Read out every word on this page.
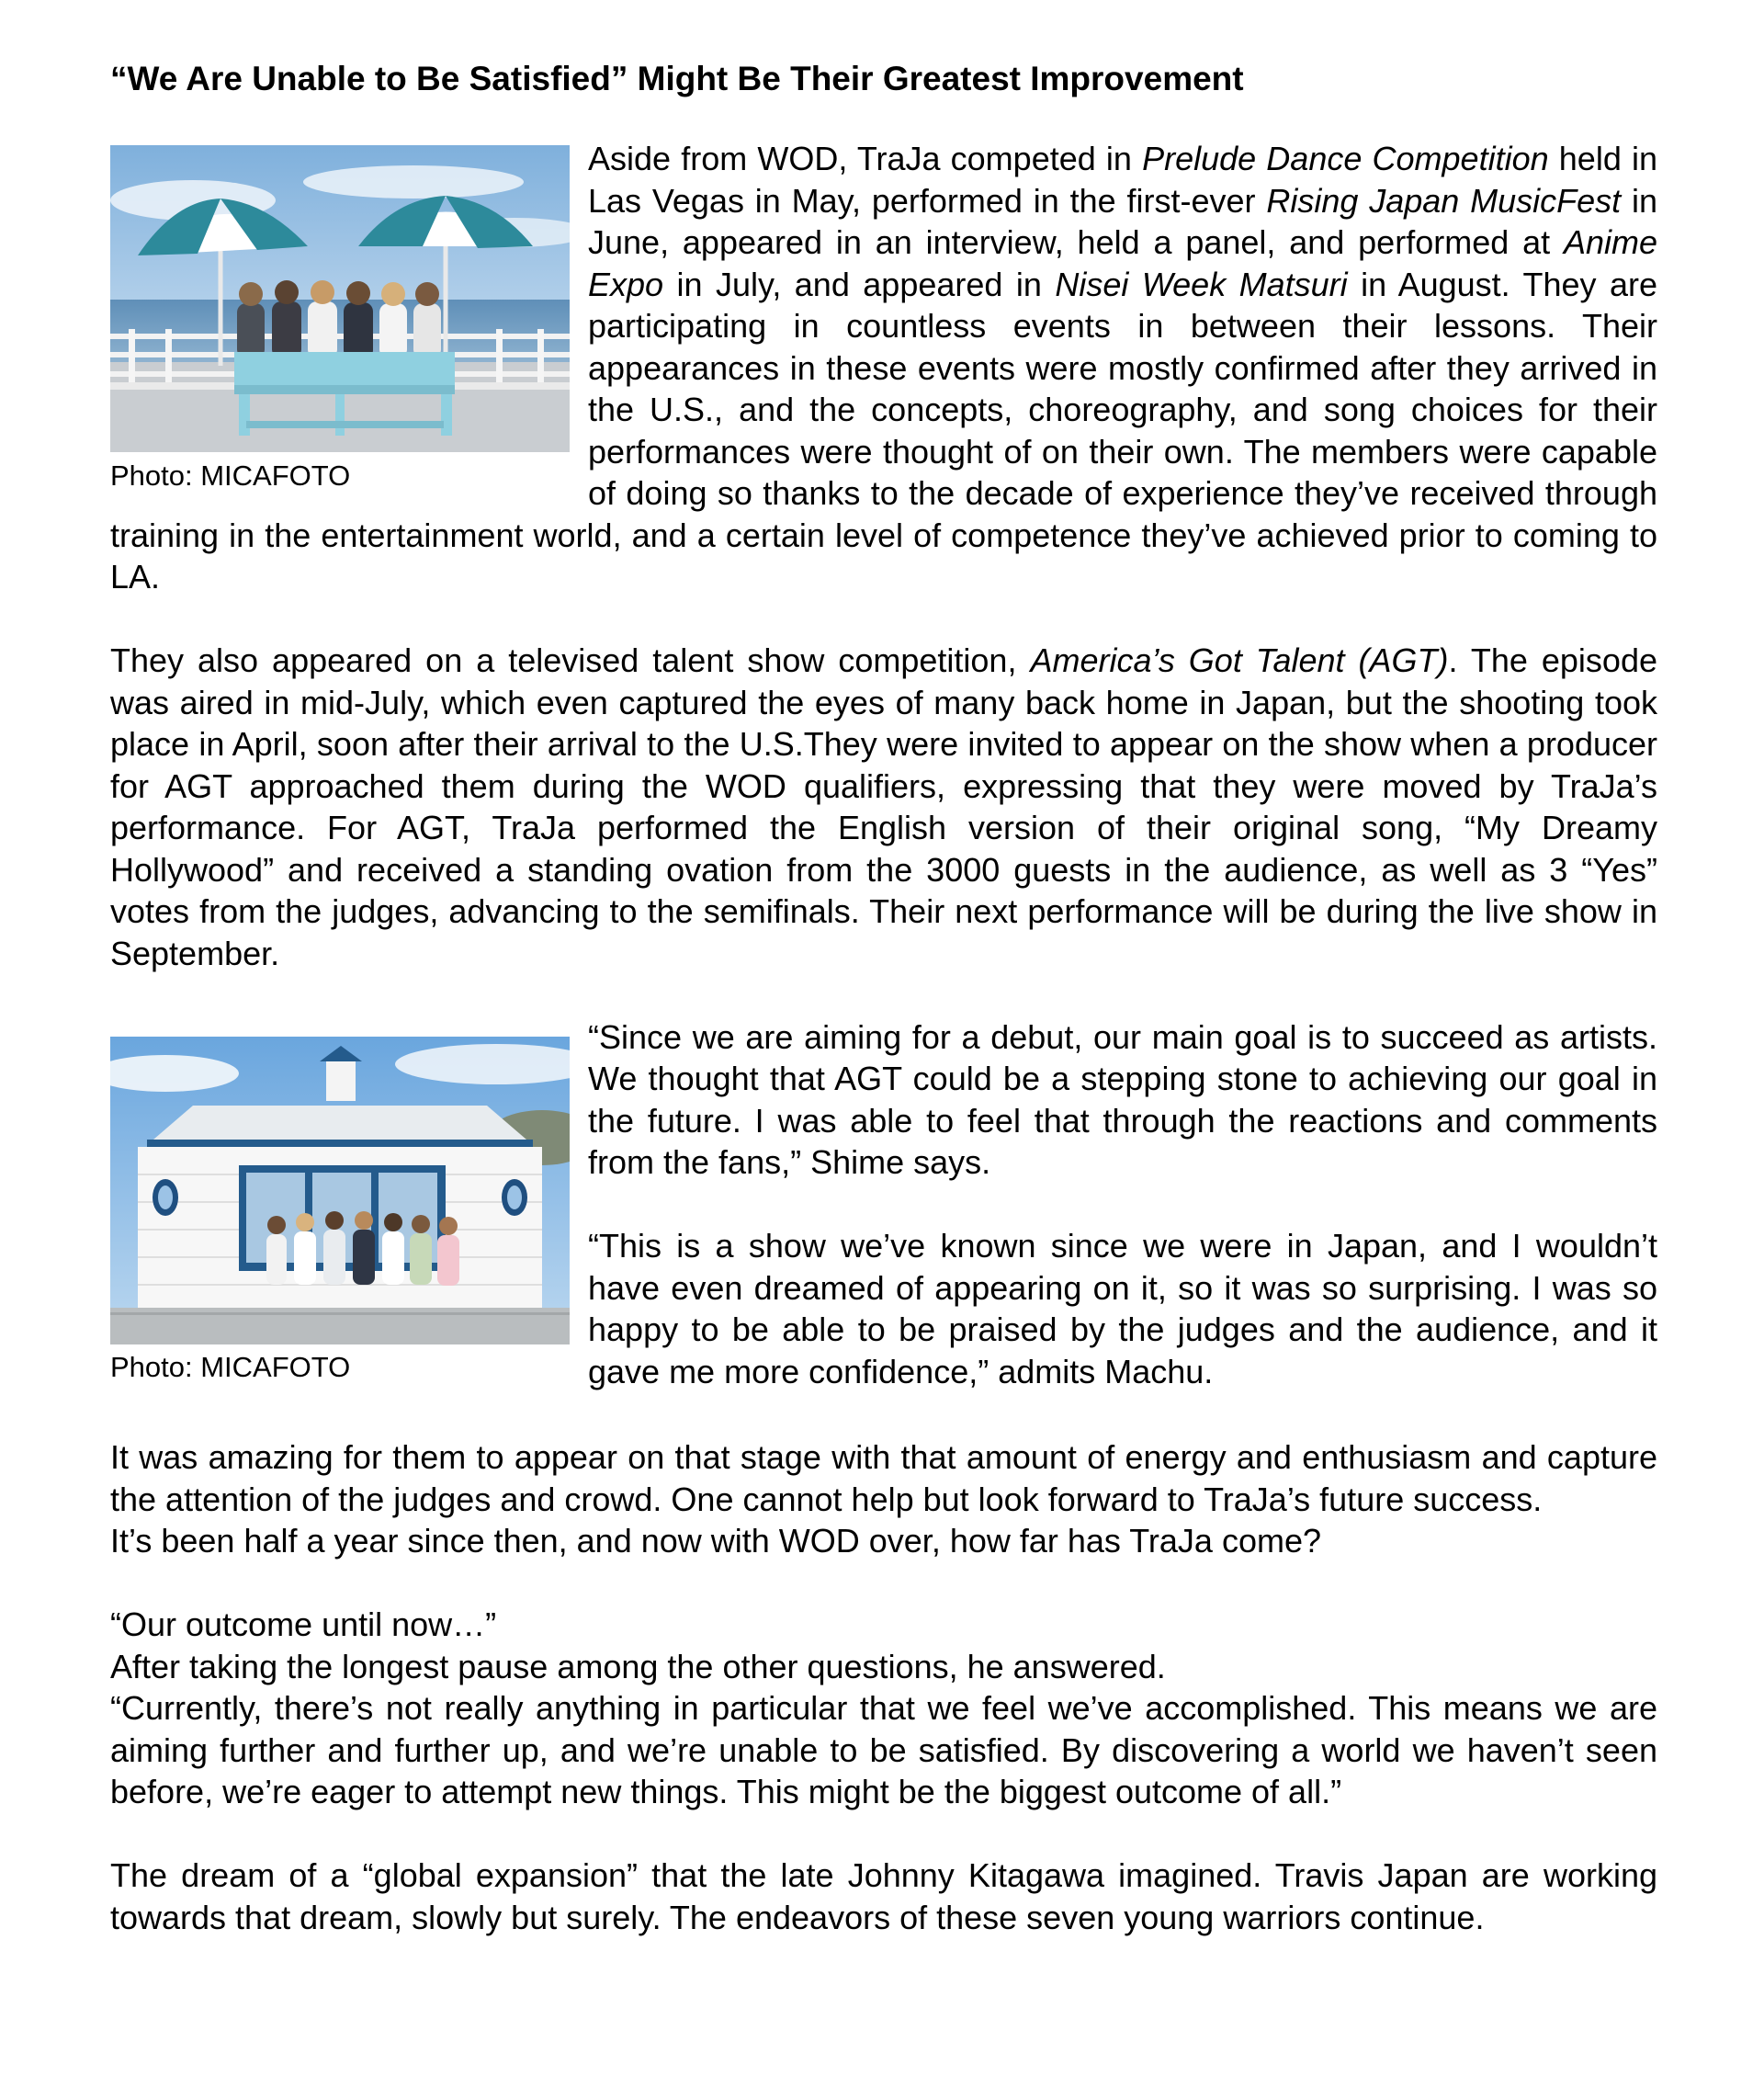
“We Are Unable to Be Satisfied” Might Be Their Greatest Improvement
Photo: MICAFOTO

Aside from WOD, TraJa competed in Prelude Dance Competition held in Las Vegas in May, performed in the first-ever Rising Japan MusicFest in June, appeared in an interview, held a panel, and performed at Anime Expo in July, and appeared in Nisei Week Matsuri in August. They are participating in countless events in between their lessons. Their appearances in these events were mostly confirmed after they arrived in the U.S., and the concepts, choreography, and song choices for their performances were thought of on their own. The members were capable of doing so thanks to the decade of experience they’ve received through training in the entertainment world, and a certain level of competence they’ve achieved prior to coming to LA.

They also appeared on a televised talent show competition, America’s Got Talent (AGT). The episode was aired in mid-July, which even captured the eyes of many back home in Japan, but the shooting took place in April, soon after their arrival to the U.S.They were invited to appear on the show when a producer for AGT approached them during the WOD qualifiers, expressing that they were moved by TraJa’s performance. For AGT, TraJa performed the English version of their original song, “My Dreamy Hollywood” and received a standing ovation from the 3000 guests in the audience, as well as 3 “Yes” votes from the judges, advancing to the semifinals. Their next performance will be during the live show in September.

Photo: MICAFOTO

“Since we are aiming for a debut, our main goal is to succeed as artists. We thought that AGT could be a stepping stone to achieving our goal in the future. I was able to feel that through the reactions and comments from the fans,” Shime says.

“This is a show we’ve known since we were in Japan, and I wouldn’t have even dreamed of appearing on it, so it was so surprising. I was so happy to be able to be praised by the judges and the audience, and it gave me more confidence,” admits Machu.

It was amazing for them to appear on that stage with that amount of energy and enthusiasm and capture the attention of the judges and crowd. One cannot help but look forward to TraJa’s future success.

It’s been half a year since then, and now with WOD over, how far has TraJa come?

“Our outcome until now…”

After taking the longest pause among the other questions, he answered.

“Currently, there’s not really anything in particular that we feel we’ve accomplished. This means we are aiming further and further up, and we’re unable to be satisfied. By discovering a world we haven’t seen before, we’re eager to attempt new things. This might be the biggest outcome of all.”

The dream of a “global expansion” that the late Johnny Kitagawa imagined. Travis Japan are working towards that dream, slowly but surely. The endeavors of these seven young warriors continue.
